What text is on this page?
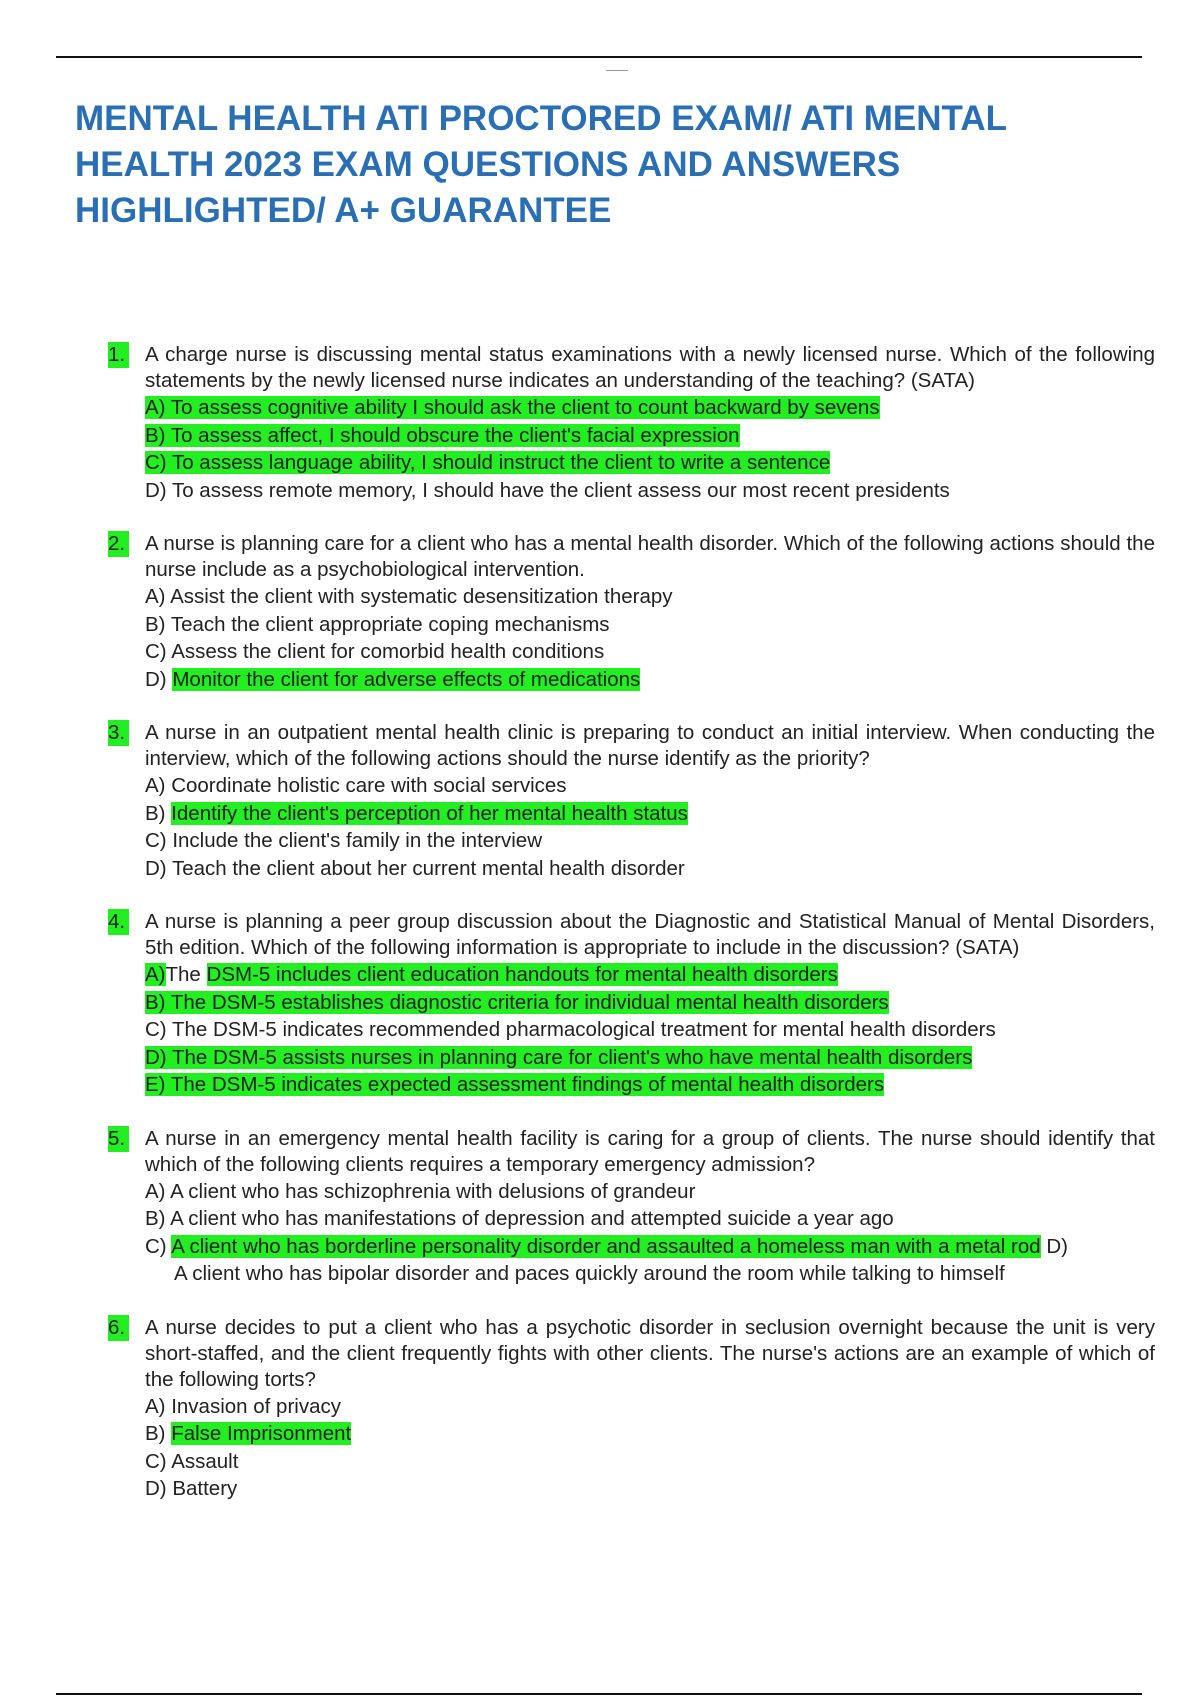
MENTAL HEALTH ATI PROCTORED EXAM// ATI MENTAL HEALTH 2023 EXAM QUESTIONS AND ANSWERS HIGHLIGHTED/ A+ GUARANTEE
1. A charge nurse is discussing mental status examinations with a newly licensed nurse. Which of the following statements by the newly licensed nurse indicates an understanding of the teaching? (SATA)
A) To assess cognitive ability I should ask the client to count backward by sevens
B) To assess affect, I should obscure the client's facial expression
C) To assess language ability, I should instruct the client to write a sentence
D) To assess remote memory, I should have the client assess our most recent presidents
2. A nurse is planning care for a client who has a mental health disorder. Which of the following actions should the nurse include as a psychobiological intervention.
A) Assist the client with systematic desensitization therapy
B) Teach the client appropriate coping mechanisms
C) Assess the client for comorbid health conditions
D) Monitor the client for adverse effects of medications
3. A nurse in an outpatient mental health clinic is preparing to conduct an initial interview. When conducting the interview, which of the following actions should the nurse identify as the priority?
A) Coordinate holistic care with social services
B) Identify the client's perception of her mental health status
C) Include the client's family in the interview
D) Teach the client about her current mental health disorder
4. A nurse is planning a peer group discussion about the Diagnostic and Statistical Manual of Mental Disorders, 5th edition. Which of the following information is appropriate to include in the discussion? (SATA)
A)The DSM-5 includes client education handouts for mental health disorders
B) The DSM-5 establishes diagnostic criteria for individual mental health disorders
C) The DSM-5 indicates recommended pharmacological treatment for mental health disorders
D) The DSM-5 assists nurses in planning care for client's who have mental health disorders
E) The DSM-5 indicates expected assessment findings of mental health disorders
5. A nurse in an emergency mental health facility is caring for a group of clients. The nurse should identify that which of the following clients requires a temporary emergency admission?
A) A client who has schizophrenia with delusions of grandeur
B) A client who has manifestations of depression and attempted suicide a year ago
C) A client who has borderline personality disorder and assaulted a homeless man with a metal rod D)
A client who has bipolar disorder and paces quickly around the room while talking to himself
6. A nurse decides to put a client who has a psychotic disorder in seclusion overnight because the unit is very short-staffed, and the client frequently fights with other clients. The nurse's actions are an example of which of the following torts?
A) Invasion of privacy
B) False Imprisonment
C) Assault
D) Battery
